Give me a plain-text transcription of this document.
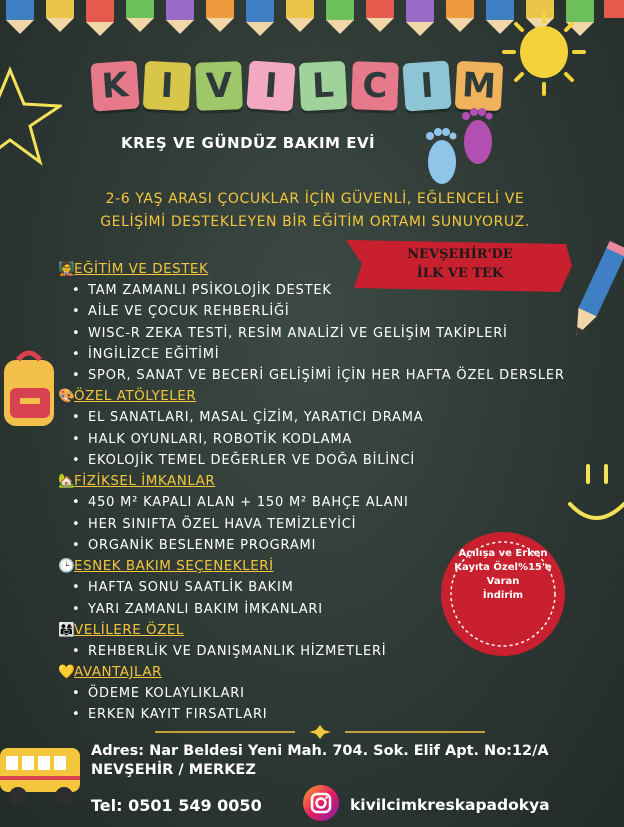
K I V I L C I M
KREŞ VE GÜNDÜZ BAKIM EVİ
2-6 YAŞ ARASI ÇOCUKLAR İÇİN GÜVENLİ, EĞLENCELİ VE
GELİŞİMİ DESTEKLEYEN BİR EĞİTİM ORTAMI SUNUYORUZ.
NEVŞEHİR'DE
İLK VE TEK
🧑‍🏫EĞİTİM VE DESTEK
• TAM ZAMANLI PSİKOLOJİK DESTEK
• AİLE VE ÇOCUK REHBERLİĞİ
• WISC-R ZEKA TESTİ, RESİM ANALİZİ VE GELİŞİM TAKİPLERİ
• İNGİLİZCE EĞİTİMİ
• SPOR, SANAT VE BECERİ GELİŞİMİ İÇİN HER HAFTA ÖZEL DERSLER
🎨ÖZEL ATÖLYELER
• EL SANATLARI, MASAL ÇİZİM, YARATICI DRAMA
• HALK OYUNLARI, ROBOTİK KODLAMA
• EKOLOJİK TEMEL DEĞERLER VE DOĞA BİLİNCİ
🏡FİZİKSEL İMKANLAR
• 450 M² KAPALI ALAN + 150 M² BAHÇE ALANI
• HER SINIFTA ÖZEL HAVA TEMİZLEYİCİ
• ORGANİK BESLENME PROGRAMI
🕒ESNEK BAKIM SEÇENEKLERİ
• HAFTA SONU SAATLİK BAKIM
• YARI ZAMANLI BAKIM İMKANLARI
👨‍👩‍👧VELİLERE ÖZEL
• REHBERLİK VE DANIŞMANLIK HİZMETLERİ
💛AVANTAJLAR
• ÖDEME KOLAYLIKLARI
• ERKEN KAYIT FIRSATLARI
Açılışa ve Erken
Kayıta Özel%15'e
Varan
İndirim
Adres: Nar Beldesi Yeni Mah. 704. Sok. Elif Apt. No:12/A
NEVŞEHİR / MERKEZ
Tel: 0501 549 0050	kivilcimkreskapadokya
